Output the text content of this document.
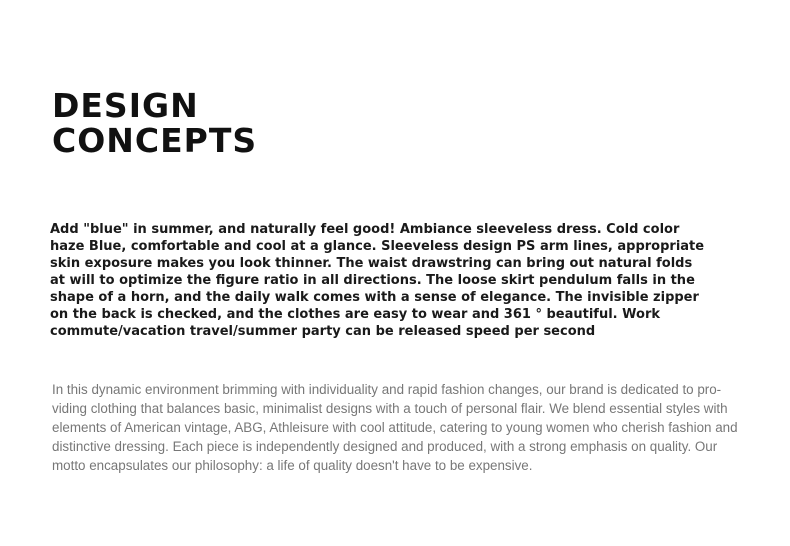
DESIGN
CONCEPTS

Add "blue" in summer, and naturally feel good! Ambiance sleeveless dress. Cold color haze Blue, comfortable and cool at a glance. Sleeveless design PS arm lines, appropriate skin exposure makes you look thinner. The waist drawstring can bring out natural folds at will to optimize the figure ratio in all directions. The loose skirt pendulum falls in the shape of a horn, and the daily walk comes with a sense of elegance. The invisible zipper on the back is checked, and the clothes are easy to wear and 361 ° beautiful. Work commute/vacation travel/summer party can be released speed per second

In this dynamic environment brimming with individuality and rapid fashion changes, our brand is dedicated to pro-viding clothing that balances basic, minimalist designs with a touch of personal flair. We blend essential styles with elements of American vintage, ABG, Athleisure with cool attitude, catering to young women who cherish fashion and distinctive dressing. Each piece is independently designed and produced, with a strong emphasis on quality. Our motto encapsulates our philosophy: a life of quality doesn't have to be expensive.
